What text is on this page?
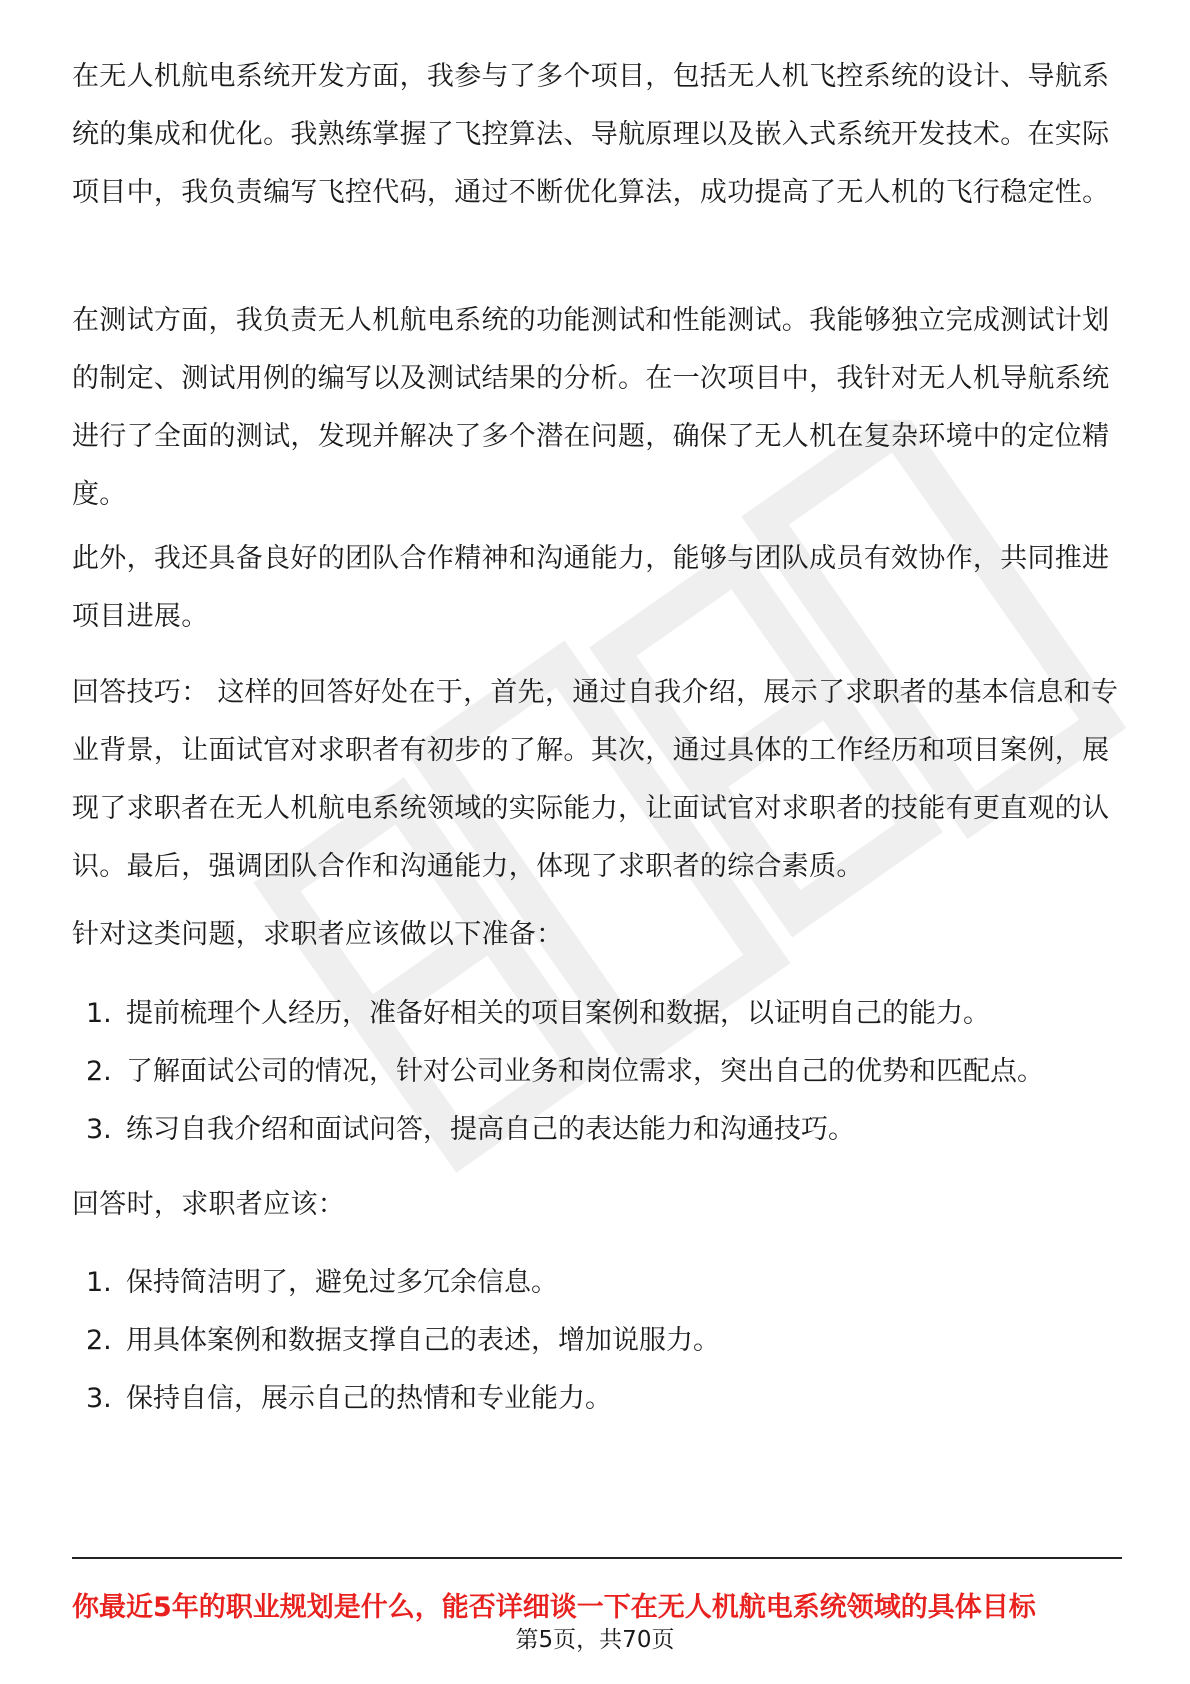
在无人机航电系统开发方面，我参与了多个项目，包括无人机飞控系统的设计、导航系统的集成和优化。我熟练掌握了飞控算法、导航原理以及嵌入式系统开发技术。在实际项目中，我负责编写飞控代码，通过不断优化算法，成功提高了无人机的飞行稳定性。

在测试方面，我负责无人机航电系统的功能测试和性能测试。我能够独立完成测试计划的制定、测试用例的编写以及测试结果的分析。在一次项目中，我针对无人机导航系统进行了全面的测试，发现并解决了多个潜在问题，确保了无人机在复杂环境中的定位精度。

此外，我还具备良好的团队合作精神和沟通能力，能够与团队成员有效协作，共同推进项目进展。

回答技巧： 这样的回答好处在于，首先，通过自我介绍，展示了求职者的基本信息和专业背景，让面试官对求职者有初步的了解。其次，通过具体的工作经历和项目案例，展现了求职者在无人机航电系统领域的实际能力，让面试官对求职者的技能有更直观的认识。最后，强调团队合作和沟通能力，体现了求职者的综合素质。

针对这类问题，求职者应该做以下准备：

1. 提前梳理个人经历，准备好相关的项目案例和数据，以证明自己的能力。
2. 了解面试公司的情况，针对公司业务和岗位需求，突出自己的优势和匹配点。
3. 练习自我介绍和面试问答，提高自己的表达能力和沟通技巧。

回答时，求职者应该：

1. 保持简洁明了，避免过多冗余信息。
2. 用具体案例和数据支撑自己的表述，增加说服力。
3. 保持自信，展示自己的热情和专业能力。

你最近5年的职业规划是什么，能否详细谈一下在无人机航电系统领域的具体目标

第5页，共70页
